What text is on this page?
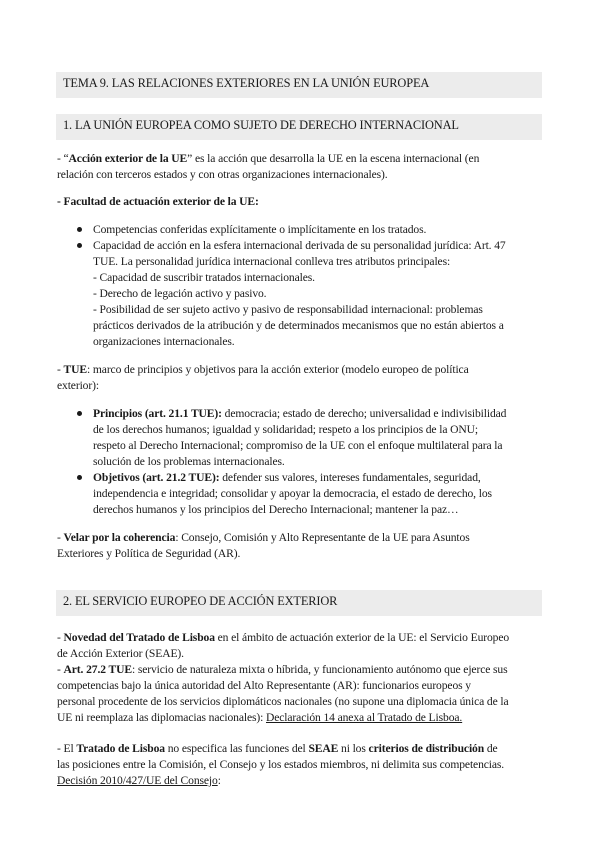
TEMA 9. LAS RELACIONES EXTERIORES EN LA UNIÓN EUROPEA
1. LA UNIÓN EUROPEA COMO SUJETO DE DERECHO INTERNACIONAL
- “Acción exterior de la UE” es la acción que desarrolla la UE en la escena internacional (en
relación con terceros estados y con otras organizaciones internacionales).
- Facultad de actuación exterior de la UE:
Competencias conferidas explícitamente o implícitamente en los tratados.
Capacidad de acción en la esfera internacional derivada de su personalidad jurídica: Art. 47
TUE. La personalidad jurídica internacional conlleva tres atributos principales:
- Capacidad de suscribir tratados internacionales.
- Derecho de legación activo y pasivo.
- Posibilidad de ser sujeto activo y pasivo de responsabilidad internacional: problemas
prácticos derivados de la atribución y de determinados mecanismos que no están abiertos a
organizaciones internacionales.
- TUE: marco de principios y objetivos para la acción exterior (modelo europeo de política
exterior):
Principios (art. 21.1 TUE): democracia; estado de derecho; universalidad e indivisibilidad
de los derechos humanos; igualdad y solidaridad; respeto a los principios de la ONU;
respeto al Derecho Internacional; compromiso de la UE con el enfoque multilateral para la
solución de los problemas internacionales.
Objetivos (art. 21.2 TUE): defender sus valores, intereses fundamentales, seguridad,
independencia e integridad; consolidar y apoyar la democracia, el estado de derecho, los
derechos humanos y los principios del Derecho Internacional; mantener la paz…
- Velar por la coherencia: Consejo, Comisión y Alto Representante de la UE para Asuntos
Exteriores y Política de Seguridad (AR).
2. EL SERVICIO EUROPEO DE ACCIÓN EXTERIOR
- Novedad del Tratado de Lisboa en el ámbito de actuación exterior de la UE: el Servicio Europeo
de Acción Exterior (SEAE).
- Art. 27.2 TUE: servicio de naturaleza mixta o híbrida, y funcionamiento autónomo que ejerce sus
competencias bajo la única autoridad del Alto Representante (AR): funcionarios europeos y
personal procedente de los servicios diplomáticos nacionales (no supone una diplomacia única de la
UE ni reemplaza las diplomacias nacionales): Declaración 14 anexa al Tratado de Lisboa.
- El Tratado de Lisboa no especifica las funciones del SEAE ni los criterios de distribución de
las posiciones entre la Comisión, el Consejo y los estados miembros, ni delimita sus competencias.
Decisión 2010/427/UE del Consejo:
